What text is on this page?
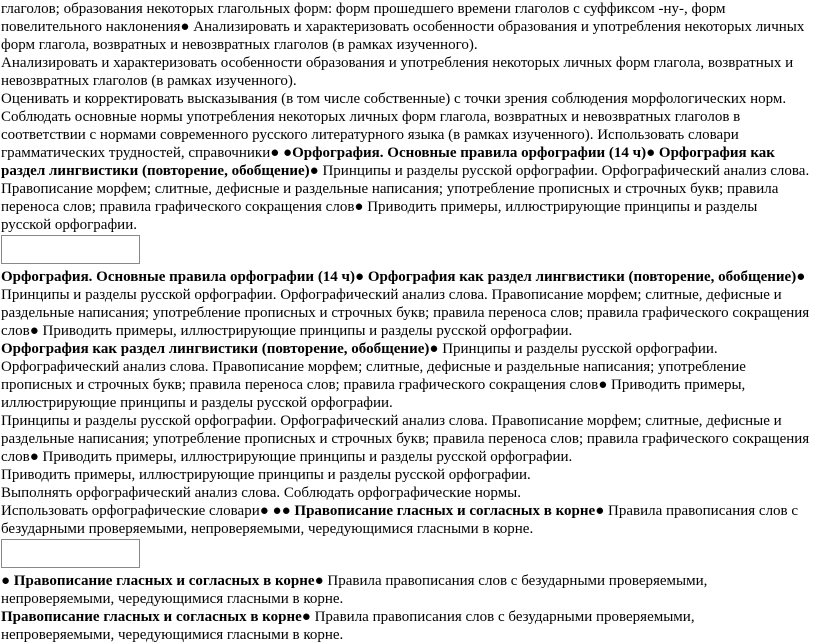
глаголов; образования некоторых глагольных форм: форм прошедшего времени глаголов с суффиксом -ну-, форм повелительного наклонения● Анализировать и характеризовать особенности образования и употребления некоторых личных форм глагола, возвратных и невозвратных глаголов (в рамках изученного).

Анализировать и характеризовать особенности образования и употребления некоторых личных форм глагола, возвратных и невозвратных глаголов (в рамках изученного).

Оценивать и корректировать высказывания (в том числе собственные) с точки зрения соблюдения морфологических норм. Соблюдать основные нормы употребления некоторых личных форм глагола, возвратных и невозвратных глаголов в соответствии с нормами современного русского литературного языка (в рамках изученного). Использовать словари грамматических трудностей, справочники● ●Орфография. Основные правила орфографии (14 ч)● Орфография как раздел лингвистики (повторение, обобщение)● Принципы и разделы русской орфографии. Орфографический анализ слова. Правописание морфем; слитные, дефисные и раздельные написания; употребление прописных и строчных букв; правила переноса слов; правила графического сокращения слов● Приводить примеры, иллюстрирующие принципы и разделы русской орфографии.

Орфография. Основные правила орфографии (14 ч)● Орфография как раздел лингвистики (повторение, обобщение)● Принципы и разделы русской орфографии. Орфографический анализ слова. Правописание морфем; слитные, дефисные и раздельные написания; употребление прописных и строчных букв; правила переноса слов; правила графического сокращения слов● Приводить примеры, иллюстрирующие принципы и разделы русской орфографии.

Орфография как раздел лингвистики (повторение, обобщение)● Принципы и разделы русской орфографии. Орфографический анализ слова. Правописание морфем; слитные, дефисные и раздельные написания; употребление прописных и строчных букв; правила переноса слов; правила графического сокращения слов● Приводить примеры, иллюстрирующие принципы и разделы русской орфографии.

Принципы и разделы русской орфографии. Орфографический анализ слова. Правописание морфем; слитные, дефисные и раздельные написания; употребление прописных и строчных букв; правила переноса слов; правила графического сокращения слов● Приводить примеры, иллюстрирующие принципы и разделы русской орфографии.

Приводить примеры, иллюстрирующие принципы и разделы русской орфографии.

Выполнять орфографический анализ слова. Соблюдать орфографические нормы.

Использовать орфографические словари● ●● Правописание гласных и согласных в корне● Правила правописания слов с безударными проверяемыми, непроверяемыми, чередующимися гласными в корне.

● Правописание гласных и согласных в корне● Правила правописания слов с безударными проверяемыми, непроверяемыми, чередующимися гласными в корне.

Правописание гласных и согласных в корне● Правила правописания слов с безударными проверяемыми, непроверяемыми, чередующимися гласными в корне.
